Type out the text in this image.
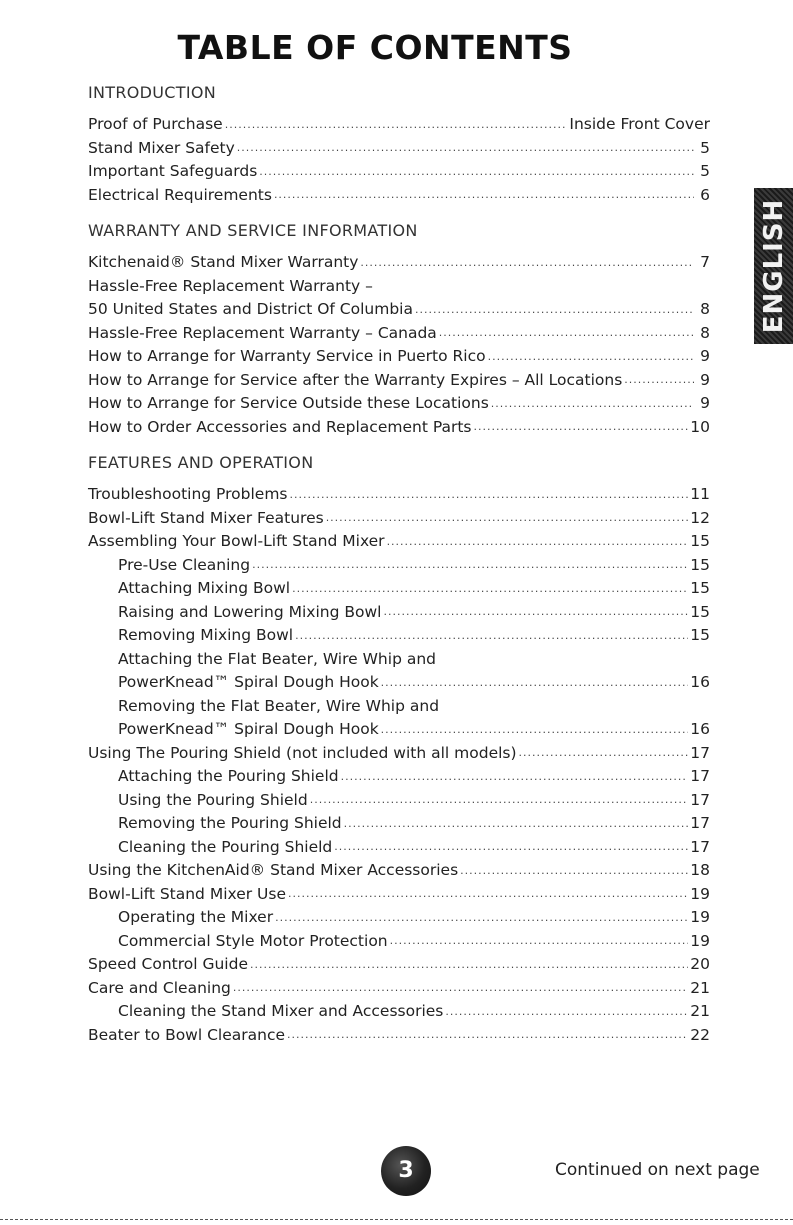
TABLE OF CONTENTS
INTRODUCTION
Proof of Purchase .....	Inside Front Cover
Stand Mixer Safety .....	5
Important Safeguards .....	5
Electrical Requirements .....	6
WARRANTY AND SERVICE INFORMATION
Kitchenaid® Stand Mixer Warranty .....	7
Hassle-Free Replacement Warranty –
50 United States and District Of Columbia .....	8
Hassle-Free Replacement Warranty – Canada .....	8
How to Arrange for Warranty Service in Puerto Rico .....	9
How to Arrange for Service after the Warranty Expires – All Locations .....	9
How to Arrange for Service Outside these Locations .....	9
How to Order Accessories and Replacement Parts .....	10
FEATURES AND OPERATION
Troubleshooting Problems .....	11
Bowl-Lift Stand Mixer Features .....	12
Assembling Your Bowl-Lift Stand Mixer .....	15
Pre-Use Cleaning .....	15
Attaching Mixing Bowl .....	15
Raising and Lowering Mixing Bowl .....	15
Removing Mixing Bowl .....	15
Attaching the Flat Beater, Wire Whip and
PowerKnead™ Spiral Dough Hook .....	16
Removing the Flat Beater, Wire Whip and
PowerKnead™ Spiral Dough Hook .....	16
Using The Pouring Shield (not included with all models) .....	17
Attaching the Pouring Shield .....	17
Using the Pouring Shield .....	17
Removing the Pouring Shield .....	17
Cleaning the Pouring Shield .....	17
Using the KitchenAid® Stand Mixer Accessories .....	18
Bowl-Lift Stand Mixer Use .....	19
Operating the Mixer .....	19
Commercial Style Motor Protection .....	19
Speed Control Guide .....	20
Care and Cleaning .....	21
Cleaning the Stand Mixer and Accessories .....	21
Beater to Bowl Clearance .....	22
ENGLISH
3	Continued on next page
